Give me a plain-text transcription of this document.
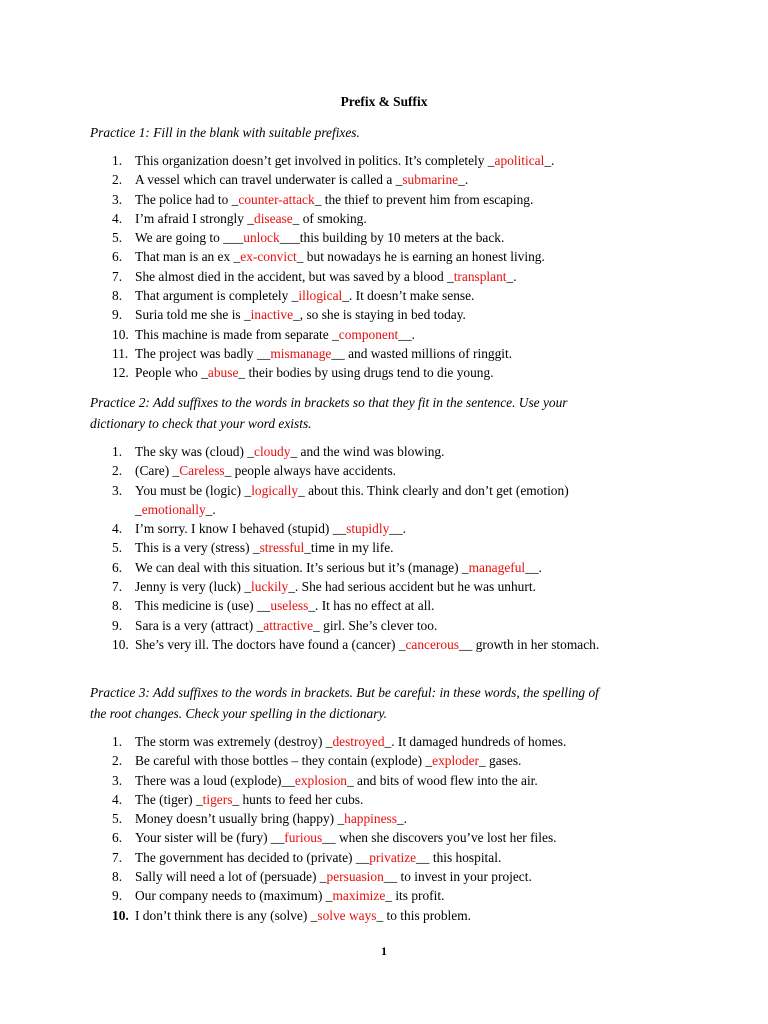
Prefix & Suffix
Practice 1: Fill in the blank with suitable prefixes.
1. This organization doesn’t get involved in politics. It’s completely _apolitical_.
2. A vessel which can travel underwater is called a _submarine_.
3. The police had to _counter-attack_ the thief to prevent him from escaping.
4. I’m afraid I strongly _disease_ of smoking.
5. We are going to ___unlock___this building by 10 meters at the back.
6. That man is an ex _ex-convict_ but nowadays he is earning an honest living.
7. She almost died in the accident, but was saved by a blood _transplant_.
8. That argument is completely _illogical_. It doesn’t make sense.
9. Suria told me she is _inactive_, so she is staying in bed today.
10. This machine is made from separate _component__.
11. The project was badly __mismanage__ and wasted millions of ringgit.
12. People who _abuse_ their bodies by using drugs tend to die young.
Practice 2: Add suffixes to the words in brackets so that they fit in the sentence. Use your
dictionary to check that your word exists.
1. The sky was (cloud) _cloudy_ and the wind was blowing.
2. (Care) _Careless_ people always have accidents.
3. You must be (logic) _logically_ about this. Think clearly and don’t get (emotion)
_emotionally_.
4. I’m sorry. I know I behaved (stupid) __stupidly__.
5. This is a very (stress) _stressful_time in my life.
6. We can deal with this situation. It’s serious but it’s (manage) _manageful__.
7. Jenny is very (luck) _luckily_. She had serious accident but he was unhurt.
8. This medicine is (use) __useless_. It has no effect at all.
9. Sara is a very (attract) _attractive_ girl. She’s clever too.
10. She’s very ill. The doctors have found a (cancer) _cancerous__ growth in her stomach.
Practice 3: Add suffixes to the words in brackets. But be careful: in these words, the spelling of
the root changes. Check your spelling in the dictionary.
1. The storm was extremely (destroy) _destroyed_. It damaged hundreds of homes.
2. Be careful with those bottles – they contain (explode) _exploder_ gases.
3. There was a loud (explode)__explosion_ and bits of wood flew into the air.
4. The (tiger) _tigers_ hunts to feed her cubs.
5. Money doesn’t usually bring (happy) _happiness_.
6. Your sister will be (fury) __furious__ when she discovers you’ve lost her files.
7. The government has decided to (private) __privatize__ this hospital.
8. Sally will need a lot of (persuade) _persuasion__ to invest in your project.
9. Our company needs to (maximum) _maximize_ its profit.
10. I don’t think there is any (solve) _solve ways_ to this problem.
1
